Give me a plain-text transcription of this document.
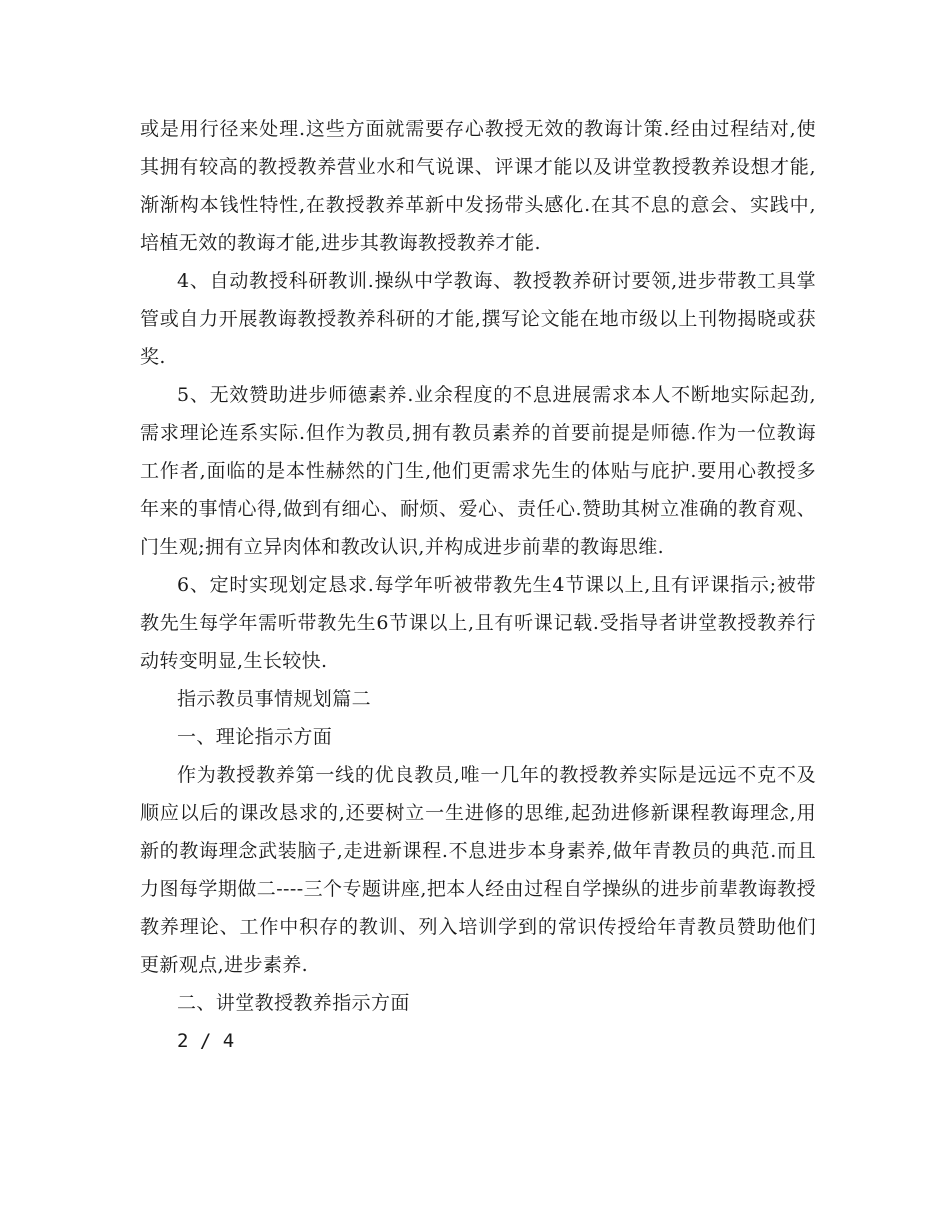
或是用行径来处理.这些方面就需要存心教授无效的教诲计策.经由过程结对,使其拥有较高的教授教养营业水和气说课、评课才能以及讲堂教授教养设想才能,渐渐构本钱性特性,在教授教养革新中发扬带头感化.在其不息的意会、实践中,培植无效的教诲才能,进步其教诲教授教养才能.

4、自动教授科研教训.操纵中学教诲、教授教养研讨要领,进步带教工具掌管或自力开展教诲教授教养科研的才能,撰写论文能在地市级以上刊物揭晓或获奖.

5、无效赞助进步师德素养.业余程度的不息进展需求本人不断地实际起劲,需求理论连系实际.但作为教员,拥有教员素养的首要前提是师德.作为一位教诲工作者,面临的是本性赫然的门生,他们更需求先生的体贴与庇护.要用心教授多年来的事情心得,做到有细心、耐烦、爱心、责任心.赞助其树立准确的教育观、门生观;拥有立异肉体和教改认识,并构成进步前辈的教诲思维.

6、定时实现划定恳求.每学年听被带教先生4节课以上,且有评课指示;被带教先生每学年需听带教先生6节课以上,且有听课记载.受指导者讲堂教授教养行动转变明显,生长较快.

指示教员事情规划篇二

一、理论指示方面

作为教授教养第一线的优良教员,唯一几年的教授教养实际是远远不克不及顺应以后的课改恳求的,还要树立一生进修的思维,起劲进修新课程教诲理念,用新的教诲理念武装脑子,走进新课程.不息进步本身素养,做年青教员的典范.而且力图每学期做二----三个专题讲座,把本人经由过程自学操纵的进步前辈教诲教授教养理论、工作中积存的教训、列入培训学到的常识传授给年青教员赞助他们更新观点,进步素养.

二、讲堂教授教养指示方面

2 / 4
